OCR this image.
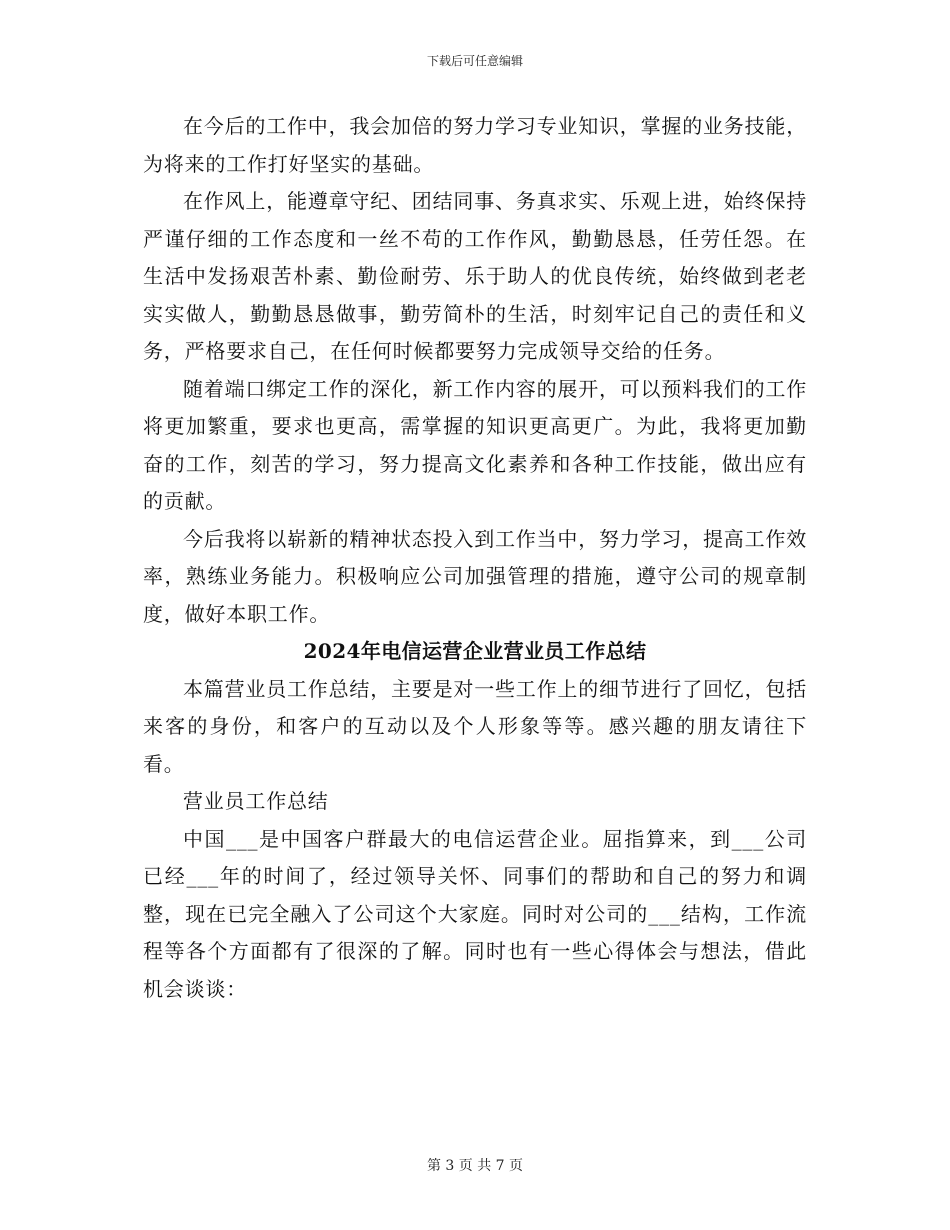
下载后可任意编辑

在今后的工作中，我会加倍的努力学习专业知识，掌握的业务技能，为将来的工作打好坚实的基础。

在作风上，能遵章守纪、团结同事、务真求实、乐观上进，始终保持严谨仔细的工作态度和一丝不苟的工作作风，勤勤恳恳，任劳任怨。在生活中发扬艰苦朴素、勤俭耐劳、乐于助人的优良传统，始终做到老老实实做人，勤勤恳恳做事，勤劳简朴的生活，时刻牢记自己的责任和义务，严格要求自己，在任何时候都要努力完成领导交给的任务。

随着端口绑定工作的深化，新工作内容的展开，可以预料我们的工作将更加繁重，要求也更高，需掌握的知识更高更广。为此，我将更加勤奋的工作，刻苦的学习，努力提高文化素养和各种工作技能，做出应有的贡献。

今后我将以崭新的精神状态投入到工作当中，努力学习，提高工作效率，熟练业务能力。积极响应公司加强管理的措施，遵守公司的规章制度，做好本职工作。

2024年电信运营企业营业员工作总结

本篇营业员工作总结，主要是对一些工作上的细节进行了回忆，包括来客的身份，和客户的互动以及个人形象等等。感兴趣的朋友请往下看。

营业员工作总结

中国___是中国客户群最大的电信运营企业。屈指算来，到___公司已经___年的时间了，经过领导关怀、同事们的帮助和自己的努力和调整，现在已完全融入了公司这个大家庭。同时对公司的___结构，工作流程等各个方面都有了很深的了解。同时也有一些心得体会与想法，借此机会谈谈：

第 3 页 共 7 页
